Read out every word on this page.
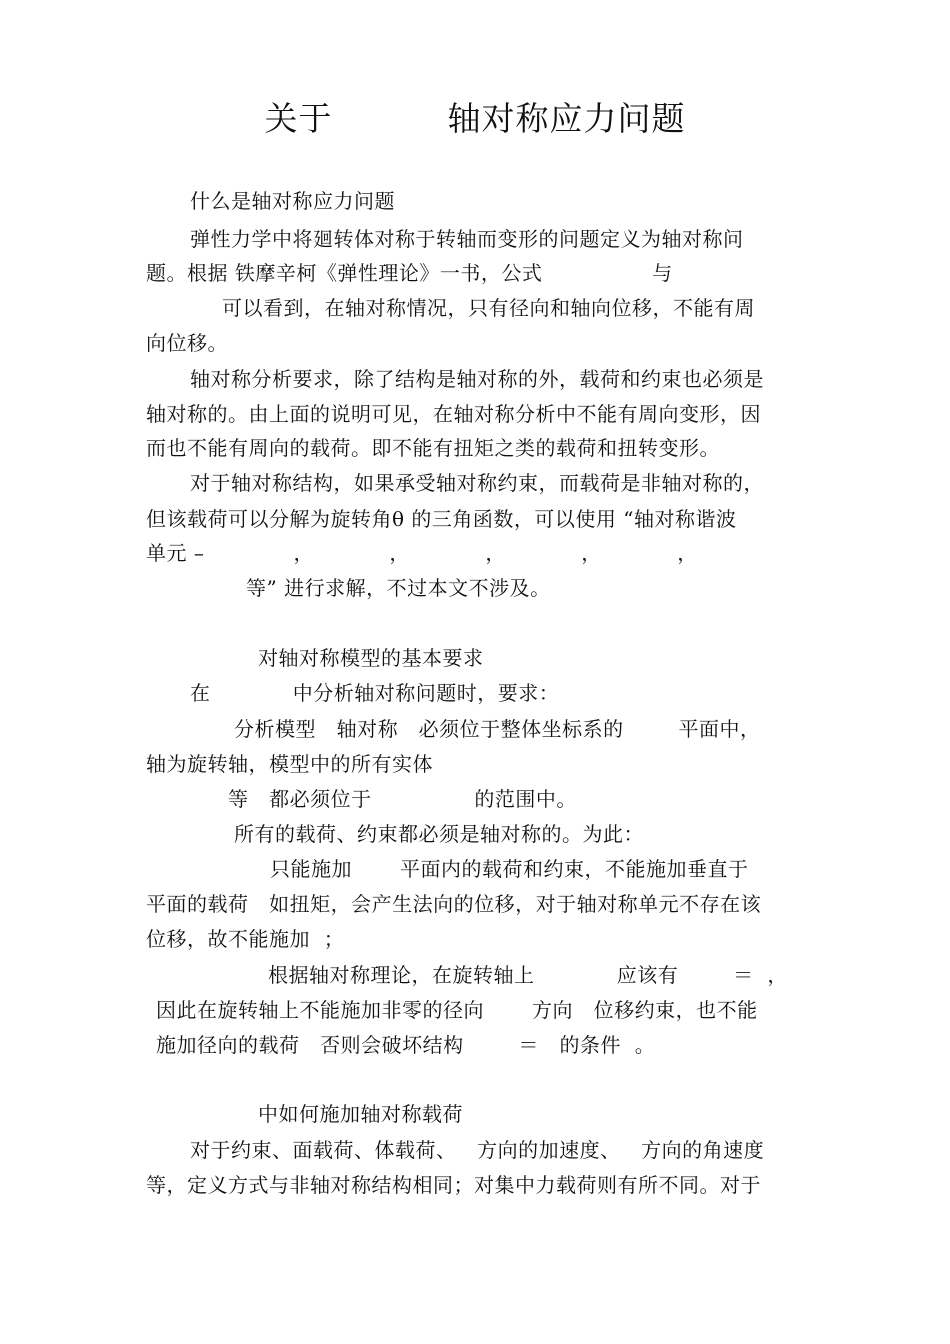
关于          轴对称应力问题
什么是轴对称应力问题
弹性力学中将廻转体对称于转轴而变形的问题定义为轴对称问
题。根据 铁摩辛柯《弹性理论》一书，公式                与
可以看到，在轴对称情况，只有径向和轴向位移，不能有周
向位移。
轴对称分析要求，除了结构是轴对称的外，载荷和约束也必须是
轴对称的。由上面的说明可见，在轴对称分析中不能有周向变形，因
而也不能有周向的载荷。即不能有扭矩之类的载荷和扭转变形。
对于轴对称结构，如果承受轴对称约束，而载荷是非轴对称的，
但该载荷可以分解为旋转角θ 的三角函数，可以使用 “轴对称谐波
单元 –             ，           ，           ，           ，           ，
等” 进行求解，不过本文不涉及。
对轴对称模型的基本要求
在            中分析轴对称问题时，要求：
分析模型   轴对称   必须位于整体坐标系的        平面中，
轴为旋转轴，模型中的所有实体
等   都必须位于               的范围中。
所有的载荷、约束都必须是轴对称的。为此：
只能施加       平面内的载荷和约束，不能施加垂直于
平面的载荷   如扭矩，会产生法向的位移，对于轴对称单元不存在该
位移，故不能施加  ；
根据轴对称理论，在旋转轴上            应该有        ＝  ，
因此在旋转轴上不能施加非零的径向       方向   位移约束，也不能
施加径向的载荷   否则会破坏结构        ＝   的条件  。
中如何施加轴对称载荷
对于约束、面载荷、体载荷、   方向的加速度、   方向的角速度
等，定义方式与非轴对称结构相同；对集中力载荷则有所不同。对于
